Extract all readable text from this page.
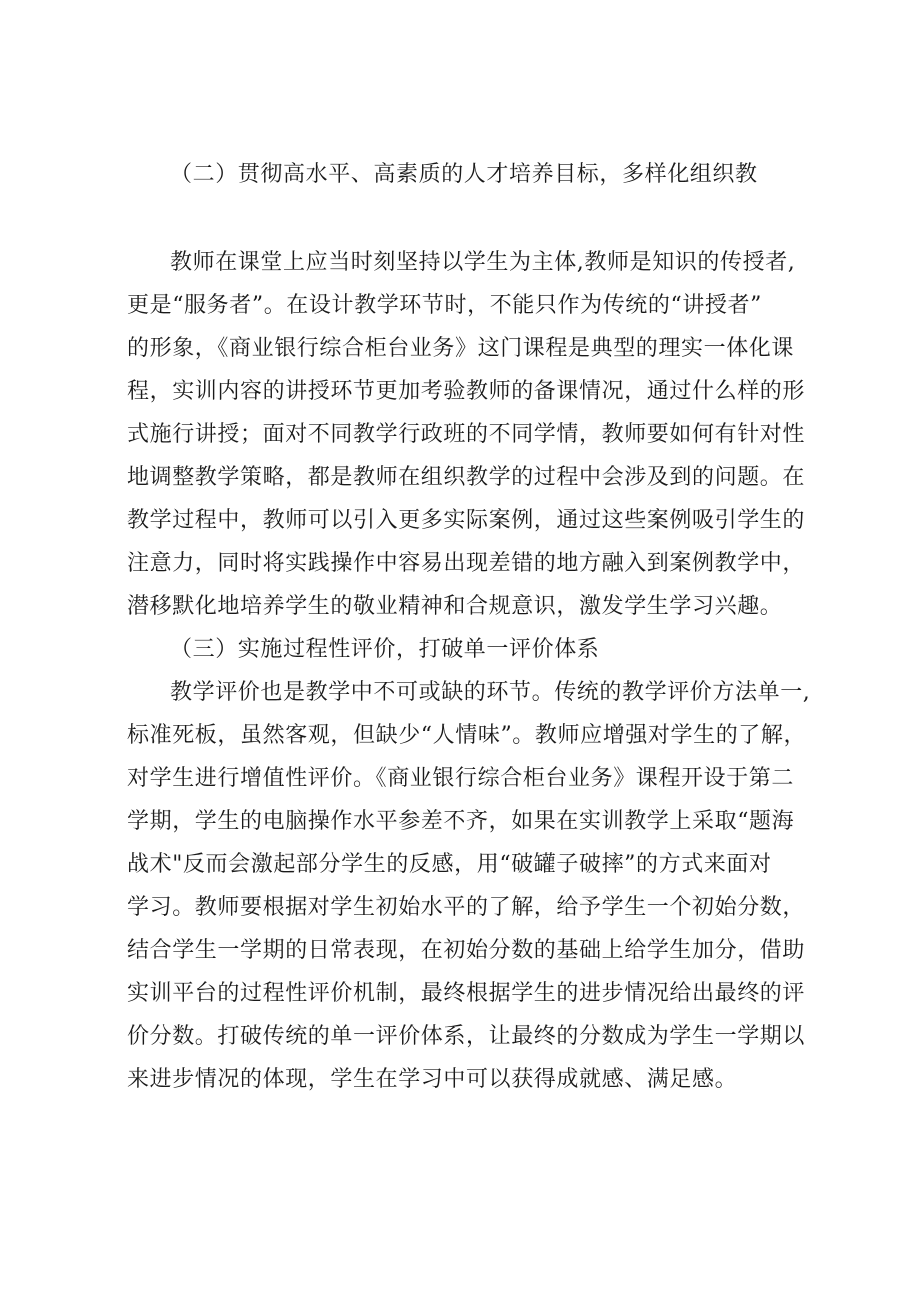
（二）贯彻高水平、高素质的人才培养目标，多样化组织教
教师在课堂上应当时刻坚持以学生为主体,教师是知识的传授者,
更是“服务者”。在设计教学环节时，不能只作为传统的“讲授者”
的形象，《商业银行综合柜台业务》这门课程是典型的理实一体化课
程，实训内容的讲授环节更加考验教师的备课情况，通过什么样的形
式施行讲授；面对不同教学行政班的不同学情，教师要如何有针对性
地调整教学策略，都是教师在组织教学的过程中会涉及到的问题。在
教学过程中，教师可以引入更多实际案例，通过这些案例吸引学生的
注意力，同时将实践操作中容易出现差错的地方融入到案例教学中，
潜移默化地培养学生的敬业精神和合规意识，激发学生学习兴趣。
（三）实施过程性评价，打破单一评价体系
教学评价也是教学中不可或缺的环节。传统的教学评价方法单一,
标准死板，虽然客观，但缺少“人情味”。教师应增强对学生的了解，
对学生进行增值性评价。《商业银行综合柜台业务》课程开设于第二
学期，学生的电脑操作水平参差不齐，如果在实训教学上采取“题海
战术"反而会激起部分学生的反感，用“破罐子破摔”的方式来面对
学习。教师要根据对学生初始水平的了解，给予学生一个初始分数，
结合学生一学期的日常表现，在初始分数的基础上给学生加分，借助
实训平台的过程性评价机制，最终根据学生的进步情况给出最终的评
价分数。打破传统的单一评价体系，让最终的分数成为学生一学期以
来进步情况的体现，学生在学习中可以获得成就感、满足感。
